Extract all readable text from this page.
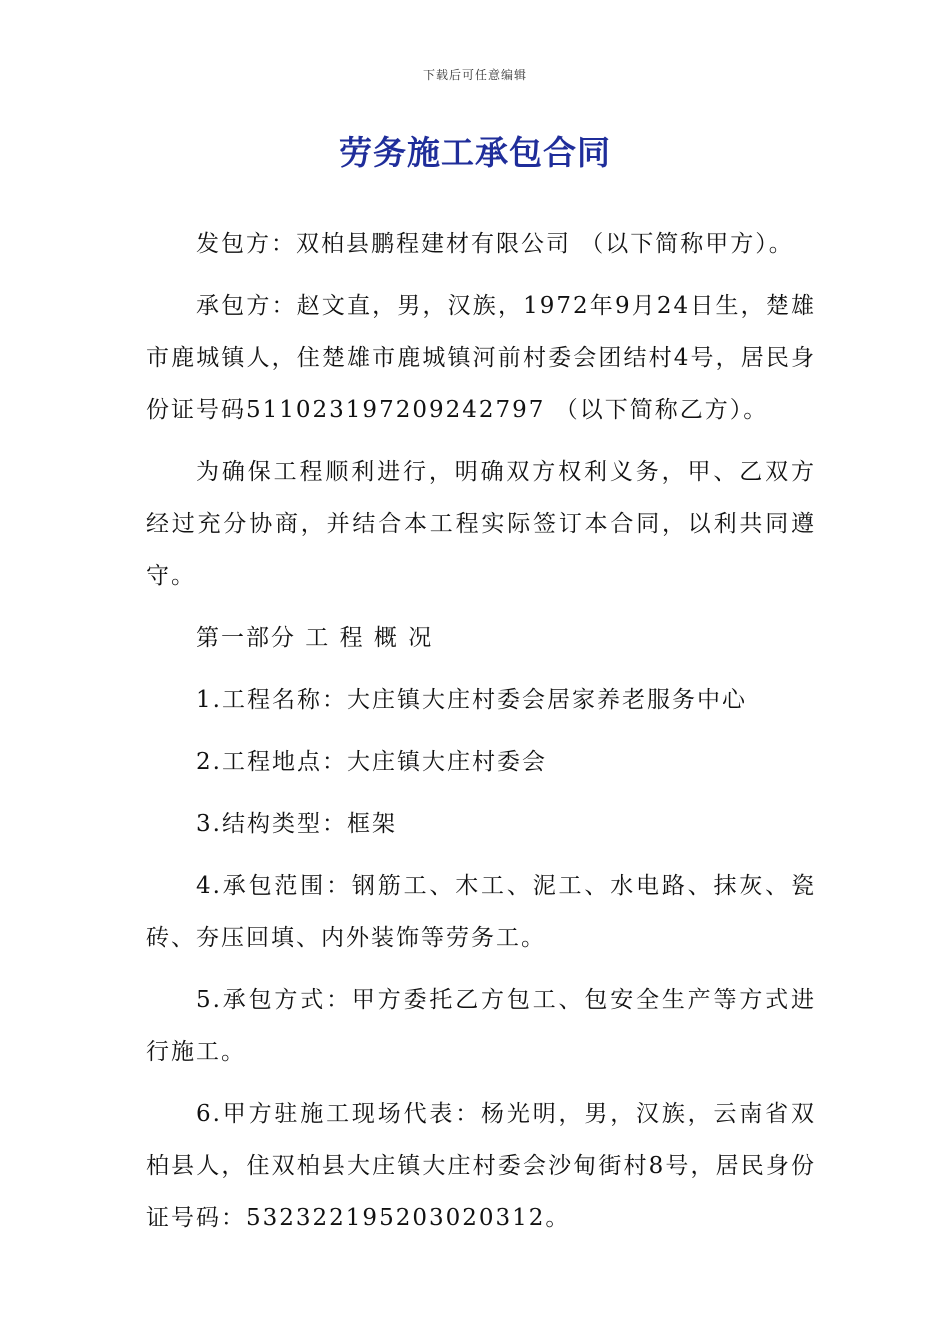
下载后可任意编辑
劳务施工承包合同

发包方：双柏县鹏程建材有限公司 （以下简称甲方）。

承包方：赵文直，男，汉族，1972年9月24日生，楚雄市鹿城镇人，住楚雄市鹿城镇河前村委会团结村4号，居民身份证号码511023197209242797 （以下简称乙方）。

为确保工程顺利进行，明确双方权利义务，甲、乙双方经过充分协商，并结合本工程实际签订本合同，以利共同遵守。

第一部分 工 程 概 况

1.工程名称：大庄镇大庄村委会居家养老服务中心

2.工程地点：大庄镇大庄村委会

3.结构类型：框架

4.承包范围：钢筋工、木工、泥工、水电路、抹灰、瓷砖、夯压回填、内外装饰等劳务工。

5.承包方式：甲方委托乙方包工、包安全生产等方式进行施工。

6.甲方驻施工现场代表：杨光明，男，汉族，云南省双柏县人，住双柏县大庄镇大庄村委会沙甸街村8号，居民身份证号码：532322195203020312。
